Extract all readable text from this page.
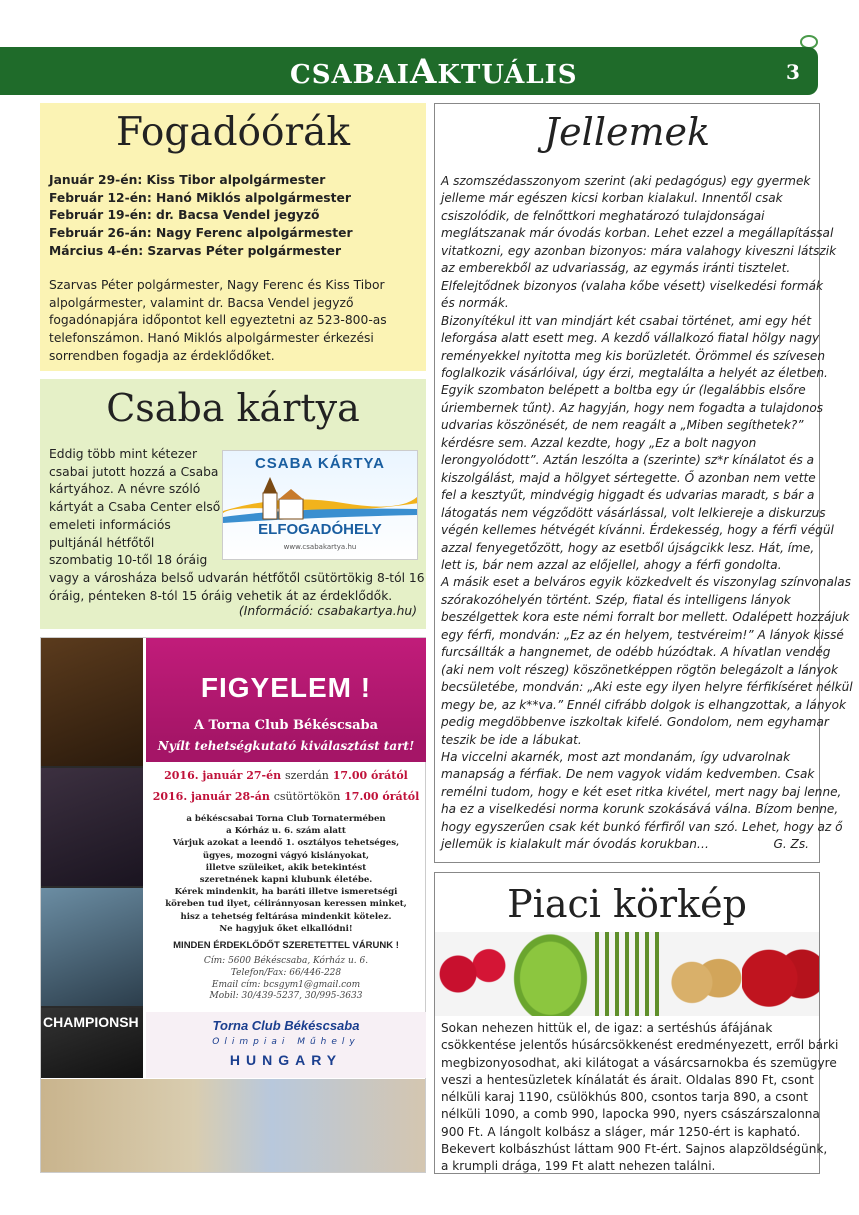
CSABAIAKTUÁLIS	3
Fogadóórák
Január 29-én: Kiss Tibor alpolgármester
Február 12-én: Hanó Miklós alpolgármester
Február 19-én: dr. Bacsa Vendel jegyző
Február 26-án: Nagy Ferenc alpolgármester
Március 4-én: Szarvas Péter polgármester
Szarvas Péter polgármester, Nagy Ferenc és Kiss Tibor
alpolgármester, valamint dr. Bacsa Vendel jegyző
fogadónapjára időpontot kell egyeztetni az 523-800-as
telefonszámon. Hanó Miklós alpolgármester érkezési
sorrendben fogadja az érdeklődőket.
Csaba kártya
Eddig több mint kétezer
csabai jutott hozzá a Csaba
kártyához. A névre szóló
kártyát a Csaba Center első
emeleti információs
pultjánál hétfőtől
szombatig 10-től 18 óráig
vagy a városháza belső udvarán hétfőtől csütörtökig 8-tól 16
óráig, pénteken 8-tól 15 óráig vehetik át az érdeklődők.
(Információ: csabakartya.hu)
CSABA KÁRTYA
ELFOGADÓHELY
www.csabakartya.hu
CHAMPIONSH
FIGYELEM !
A Torna Club Békéscsaba
Nyílt tehetségkutató kiválasztást tart!
2016. január 27-én szerdán 17.00 órától
2016. január 28-án csütörtökön 17.00 órától
a békéscsabai Torna Club Tornatermében
a Kórház u. 6. szám alatt
Várjuk azokat a leendő 1. osztályos tehetséges,
ügyes, mozogni vágyó kislányokat,
illetve szüleiket, akik betekintést
szeretnének kapni klubunk életébe.
Kérek mindenkit, ha baráti illetve ismeretségi
köreben tud ilyet, céliránnyosan keressen minket,
hisz a tehetség feltárása mindenkit kötelez.
Ne hagyjuk őket elkallódni!
MINDEN ÉRDEKLŐDŐT SZERETETTEL VÁRUNK !
Cím: 5600 Békéscsaba, Kórház u. 6.
Telefon/Fax: 66/446-228
Email cím: bcsgym1@gmail.com
Mobil: 30/439-5237, 30/995-3633
Torna Club Békéscsaba
Olimpiai Műhely
HUNGARY
Jellemek
A szomszédasszonyom szerint (aki pedagógus) egy gyermek
jelleme már egészen kicsi korban kialakul. Innentől csak
csiszolódik, de felnőttkori meghatározó tulajdonságai
meglátszanak már óvodás korban. Lehet ezzel a megállapítással
vitatkozni, egy azonban bizonyos: mára valahogy kiveszni látszik
az emberekből az udvariasság, az egymás iránti tisztelet.
Elfelejtődnek bizonyos (valaha kőbe vésett) viselkedési formák
és normák.
Bizonyítékul itt van mindjárt két csabai történet, ami egy hét
leforgása alatt esett meg. A kezdő vállalkozó fiatal hölgy nagy
reményekkel nyitotta meg kis borüzletét. Örömmel és szívesen
foglalkozik vásárlóival, úgy érzi, megtalálta a helyét az életben.
Egyik szombaton belépett a boltba egy úr (legalábbis elsőre
úriembernek tűnt). Az hagyján, hogy nem fogadta a tulajdonos
udvarias köszönését, de nem reagált a „Miben segíthetek?”
kérdésre sem. Azzal kezdte, hogy „Ez a bolt nagyon
lerongyolódott”. Aztán leszólta a (szerinte) sz*r kínálatot és a
kiszolgálást, majd a hölgyet sértegette. Ő azonban nem vette
fel a kesztyűt, mindvégig higgadt és udvarias maradt, s bár a
látogatás nem végződött vásárlással, volt lelkiereje a diskurzus
végén kellemes hétvégét kívánni. Érdekesség, hogy a férfi végül
azzal fenyegetőzött, hogy az esetből újságcikk lesz. Hát, íme,
lett is, bár nem azzal az előjellel, ahogy a férfi gondolta.
A másik eset a belváros egyik közkedvelt és viszonylag színvonalas
szórakozóhelyén történt. Szép, fiatal és intelligens lányok
beszélgettek kora este némi forralt bor mellett. Odalépett hozzájuk
egy férfi, mondván: „Ez az én helyem, testvéreim!” A lányok kissé
furcsállták a hangnemet, de odébb húzódtak. A hívatlan vendég
(aki nem volt részeg) köszönetképpen rögtön belegázolt a lányok
becsületébe, mondván: „Aki este egy ilyen helyre férfikíséret nélkül
megy be, az k**va.” Ennél cifrább dolgok is elhangzottak, a lányok
pedig megdöbbenve iszkoltak kifelé. Gondolom, nem egyhamar
teszik be ide a lábukat.
Ha viccelni akarnék, most azt mondanám, így udvarolnak
manapság a férfiak. De nem vagyok vidám kedvemben. Csak
remélni tudom, hogy e két eset ritka kivétel, mert nagy baj lenne,
ha ez a viselkedési norma korunk szokásává válna. Bízom benne,
hogy egyszerűen csak két bunkó férfiről van szó. Lehet, hogy az ő
jellemük is kialakult már óvodás korukban…	G. Zs.
Piaci körkép
Sokan nehezen hittük el, de igaz: a sertéshús áfájának
csökkentése jelentős húsárcsökkenést eredményezett, erről bárki
megbizonyosodhat, aki kilátogat a vásárcsarnokba és szemügyre
veszi a hentesüzletek kínálatát és árait. Oldalas 890 Ft, csont
nélküli karaj 1190, csülökhús 800, csontos tarja 890, a csont
nélküli 1090, a comb 990, lapocka 990, nyers császárszalonna
900 Ft. A lángolt kolbász a sláger, már 1250-ért is kapható.
Bekevert kolbászhúst láttam 900 Ft-ért. Sajnos alapzöldségünk,
a krumpli drága, 199 Ft alatt nehezen találni.
